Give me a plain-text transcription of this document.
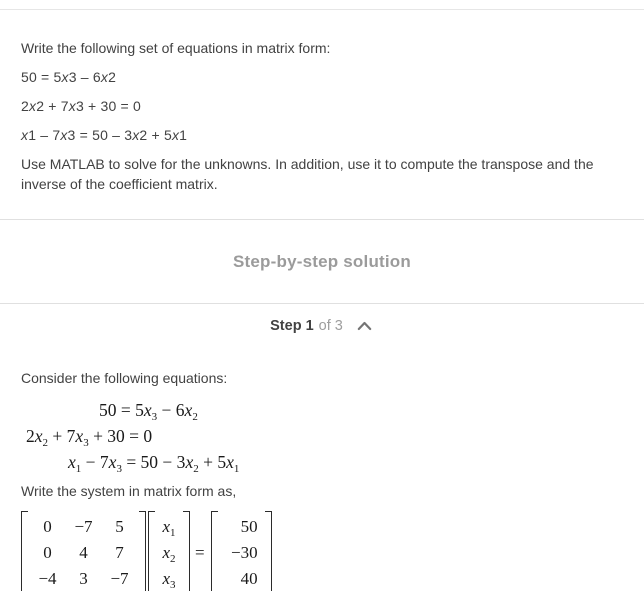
Write the following set of equations in matrix form:

50 = 5x3 – 6x2

2x2 + 7x3 + 30 = 0

x1 – 7x3 = 50 – 3x2 + 5x1

Use MATLAB to solve for the unknowns. In addition, use it to compute the transpose and the inverse of the coefficient matrix.

Step-by-step solution
Step 1 of 3

Consider the following equations:

$50 = 5x_3 - 6x_2$
$2x_2 + 7x_3 + 30 = 0$
$x_1 - 7x_3 = 50 - 3x_2 + 5x_1$

Write the system in matrix form as,

0	−7	5
0	4	7
−4	3	−7
$x_1$
$x_2$
$x_3$
=
50
−30
40
